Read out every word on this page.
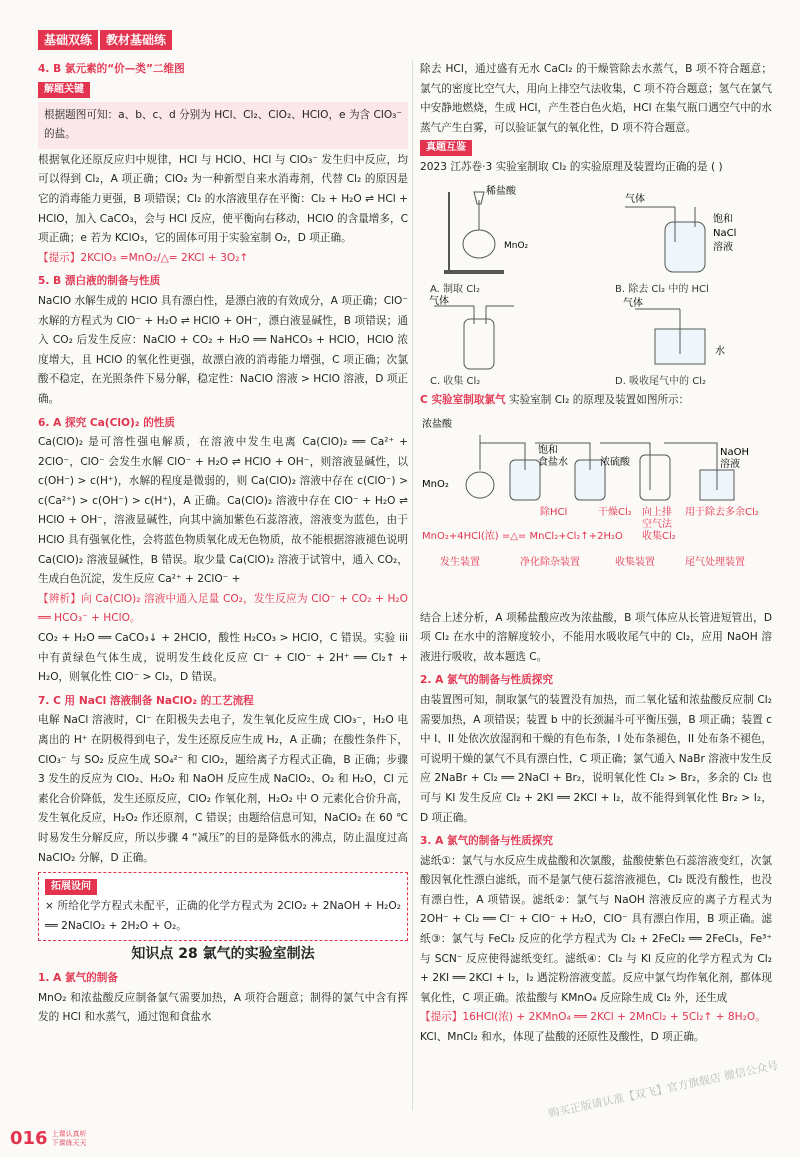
基础双练	教材基础练

4. B 氯元素的“价—类”二维图

解题关键

根据题图可知：a、b、c、d 分别为 HCl、Cl₂、ClO₂、HClO，e 为含 ClO₃⁻ 的盐。

根据氧化还原反应归中规律，HCl 与 HClO、HCl 与 ClO₃⁻ 发生归中反应，均可以得到 Cl₂，A 项正确；ClO₂ 为一种新型自来水消毒剂，代替 Cl₂ 的原因是它的消毒能力更强，B 项错误；Cl₂ 的水溶液里存在平衡：Cl₂ + H₂O ⇌ HCl + HClO，加入 CaCO₃，会与 HCl 反应，使平衡向右移动，HClO 的含量增多，C 项正确；e 若为 KClO₃，它的固体可用于实验室制 O₂，D 项正确。

【提示】2KClO₃ =MnO₂/△= 2KCl + 3O₂↑

5. B 漂白液的制备与性质

NaClO 水解生成的 HClO 具有漂白性，是漂白液的有效成分，A 项正确；ClO⁻ 水解的方程式为 ClO⁻ + H₂O ⇌ HClO + OH⁻，漂白液显碱性，B 项错误；通入 CO₂ 后发生反应：NaClO + CO₂ + H₂O ══ NaHCO₃ + HClO，HClO 浓度增大，且 HClO 的氧化性更强，故漂白液的消毒能力增强，C 项正确；次氯酸不稳定，在光照条件下易分解，稳定性：NaClO 溶液 > HClO 溶液，D 项正确。

6. A 探究 Ca(ClO)₂ 的性质

Ca(ClO)₂ 是可溶性强电解质，在溶液中发生电离 Ca(ClO)₂ ══ Ca²⁺ + 2ClO⁻，ClO⁻ 会发生水解 ClO⁻ + H₂O ⇌ HClO + OH⁻，则溶液显碱性，以 c(OH⁻) > c(H⁺)，水解的程度是微弱的，则 Ca(ClO)₂ 溶液中存在 c(ClO⁻) > c(Ca²⁺) > c(OH⁻) > c(H⁺)，A 正确。Ca(ClO)₂ 溶液中存在 ClO⁻ + H₂O ⇌ HClO + OH⁻，溶液显碱性，向其中滴加紫色石蕊溶液，溶液变为蓝色，由于 HClO 具有强氧化性，会将蓝色物质氧化成无色物质，故不能根据溶液褪色说明 Ca(ClO)₂ 溶液显碱性，B 错误。取少量 Ca(ClO)₂ 溶液于试管中，通入 CO₂，生成白色沉淀，发生反应 Ca²⁺ + 2ClO⁻ +

【辨析】向 Ca(ClO)₂ 溶液中通入足量 CO₂，发生反应为 ClO⁻ + CO₂ + H₂O ══ HCO₃⁻ + HClO。

CO₂ + H₂O ══ CaCO₃↓ + 2HClO，酸性 H₂CO₃ > HClO，C 错误。实验 iii 中有黄绿色气体生成，说明发生歧化反应 Cl⁻ + ClO⁻ + 2H⁺ ══ Cl₂↑ + H₂O，则氧化性 ClO⁻ > Cl₂，D 错误。

7. C 用 NaCl 溶液制备 NaClO₂ 的工艺流程

电解 NaCl 溶液时，Cl⁻ 在阳极失去电子，发生氧化反应生成 ClO₃⁻，H₂O 电离出的 H⁺ 在阴极得到电子，发生还原反应生成 H₂，A 正确；在酸性条件下，ClO₃⁻ 与 SO₂ 反应生成 SO₄²⁻ 和 ClO₂，题给离子方程式正确，B 正确；步骤 3 发生的反应为 ClO₂、H₂O₂ 和 NaOH 反应生成 NaClO₂、O₂ 和 H₂O，Cl 元素化合价降低，发生还原反应，ClO₂ 作氧化剂，H₂O₂ 中 O 元素化合价升高，发生氧化反应，H₂O₂ 作还原剂，C 错误；由题给信息可知，NaClO₂ 在 60 ℃ 时易发生分解反应，所以步骤 4 “减压”的目的是降低水的沸点，防止温度过高 NaClO₂ 分解，D 正确。

拓展设问

× 所给化学方程式未配平，正确的化学方程式为 2ClO₂ + 2NaOH + H₂O₂ ══ 2NaClO₂ + 2H₂O + O₂。

知识点 28 氯气的实验室制法

1. A 氯气的制备

MnO₂ 和浓盐酸反应制备氯气需要加热，A 项符合题意；制得的氯气中含有挥发的 HCl 和水蒸气，通过饱和食盐水

除去 HCl，通过盛有无水 CaCl₂ 的干燥管除去水蒸气，B 项不符合题意；氯气的密度比空气大，用向上排空气法收集，C 项不符合题意；氢气在氯气中安静地燃烧，生成 HCl，产生苍白色火焰，HCl 在集气瓶口遇空气中的水蒸气产生白雾，可以验证氯气的氧化性，D 项不符合题意。

真题互鉴

2023 江苏卷·3 实验室制取 Cl₂ 的实验原理及装置均正确的是 ( )

稀盐酸
MnO₂
A. 制取 Cl₂
气体
饱和
NaCl
溶液
B. 除去 Cl₂ 中的 HCl
气体
C. 收集 Cl₂
气体
水
D. 吸收尾气中的 Cl₂

C 实验室制取氯气 实验室制 Cl₂ 的原理及装置如图所示：

浓盐酸
MnO₂
饱和
食盐水	浓硫酸
NaOH
溶液
除HCl	干燥Cl₂ 向上排
空气法
收集Cl₂
用于除去多余Cl₂
MnO₂+4HCl(浓) =△= MnCl₂+Cl₂↑+2H₂O
发生装置	净化除杂装置	收集装置	尾气处理装置

结合上述分析，A 项稀盐酸应改为浓盐酸，B 项气体应从长管进短管出，D 项 Cl₂ 在水中的溶解度较小，不能用水吸收尾气中的 Cl₂，应用 NaOH 溶液进行吸收，故本题选 C。

2. A 氯气的制备与性质探究

由装置图可知，制取氯气的装置没有加热，而二氧化锰和浓盐酸反应制 Cl₂ 需要加热，A 项错误；装置 b 中的长颈漏斗可平衡压强，B 项正确；装置 c 中 I、II 处依次放湿润和干燥的有色布条，I 处布条褪色，II 处布条不褪色，可说明干燥的氯气不具有漂白性，C 项正确；氯气通入 NaBr 溶液中发生反应 2NaBr + Cl₂ ══ 2NaCl + Br₂，说明氧化性 Cl₂ > Br₂，多余的 Cl₂ 也可与 KI 发生反应 Cl₂ + 2KI ══ 2KCl + I₂，故不能得到氧化性 Br₂ > I₂，D 项正确。

3. A 氯气的制备与性质探究

滤纸①：氯气与水反应生成盐酸和次氯酸，盐酸使紫色石蕊溶液变红，次氯酸因氧化性漂白滤纸，而不是氯气使石蕊溶液褪色，Cl₂ 既没有酸性，也没有漂白性，A 项错误。滤纸②：氯气与 NaOH 溶液反应的离子方程式为 2OH⁻ + Cl₂ ══ Cl⁻ + ClO⁻ + H₂O，ClO⁻ 具有漂白作用，B 项正确。滤纸③：氯气与 FeCl₂ 反应的化学方程式为 Cl₂ + 2FeCl₂ ══ 2FeCl₃，Fe³⁺ 与 SCN⁻ 反应使得滤纸变红。滤纸④：Cl₂ 与 KI 反应的化学方程式为 Cl₂ + 2KI ══ 2KCl + I₂，I₂ 遇淀粉溶液变蓝。反应中氯气均作氧化剂，都体现氧化性，C 项正确。浓盐酸与 KMnO₄ 反应除生成 Cl₂ 外，还生成

【提示】16HCl(浓) + 2KMnO₄ ══ 2KCl + 2MnCl₂ + 5Cl₂↑ + 8H₂O。

KCl、MnCl₂ 和水，体现了盐酸的还原性及酸性，D 项正确。

016 上课认真听
下课练天天
购买正版请认准【双飞】官方旗舰店 微信公众号
